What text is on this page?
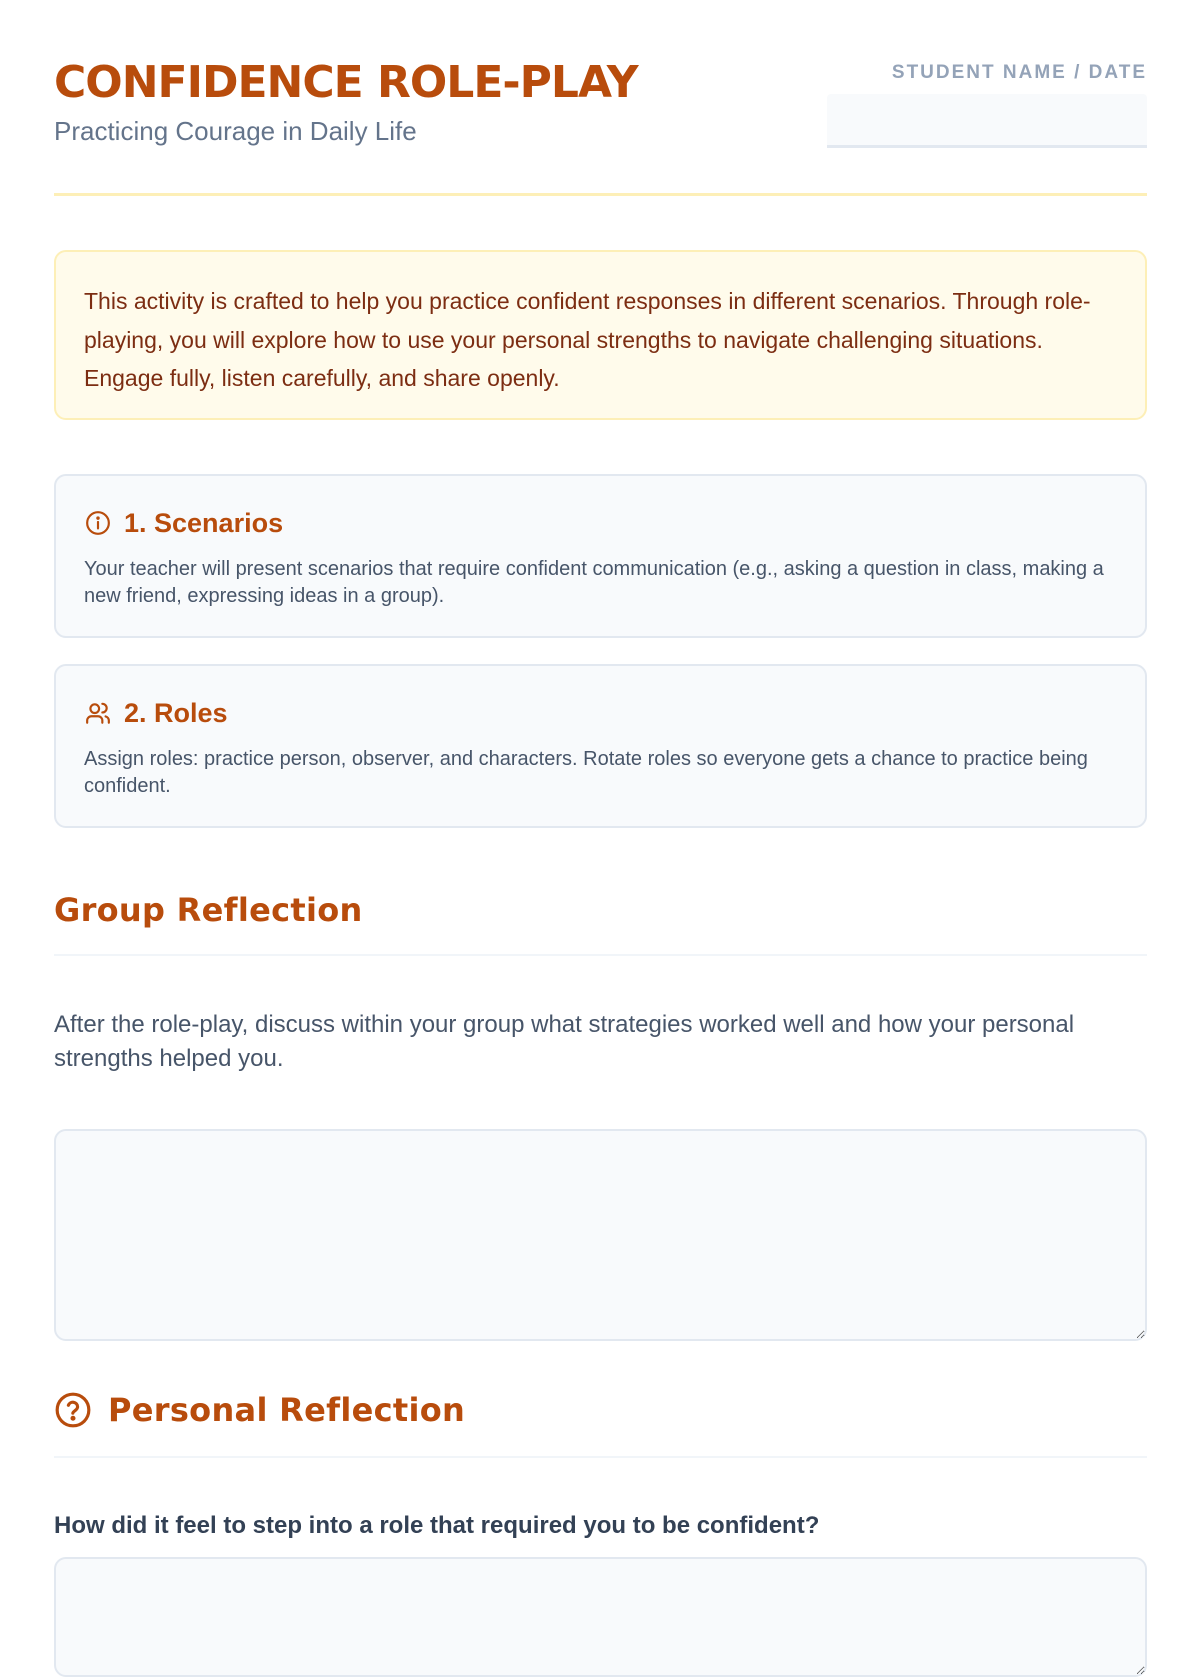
CONFIDENCE ROLE-PLAY
Practicing Courage in Daily Life
STUDENT NAME / DATE
This activity is crafted to help you practice confident responses in different scenarios. Through role-playing, you will explore how to use your personal strengths to navigate challenging situations. Engage fully, listen carefully, and share openly.
1. Scenarios
Your teacher will present scenarios that require confident communication (e.g., asking a question in class, making a new friend, expressing ideas in a group).
2. Roles
Assign roles: practice person, observer, and characters. Rotate roles so everyone gets a chance to practice being confident.
Group Reflection
After the role-play, discuss within your group what strategies worked well and how your personal strengths helped you.
Personal Reflection
How did it feel to step into a role that required you to be confident?
